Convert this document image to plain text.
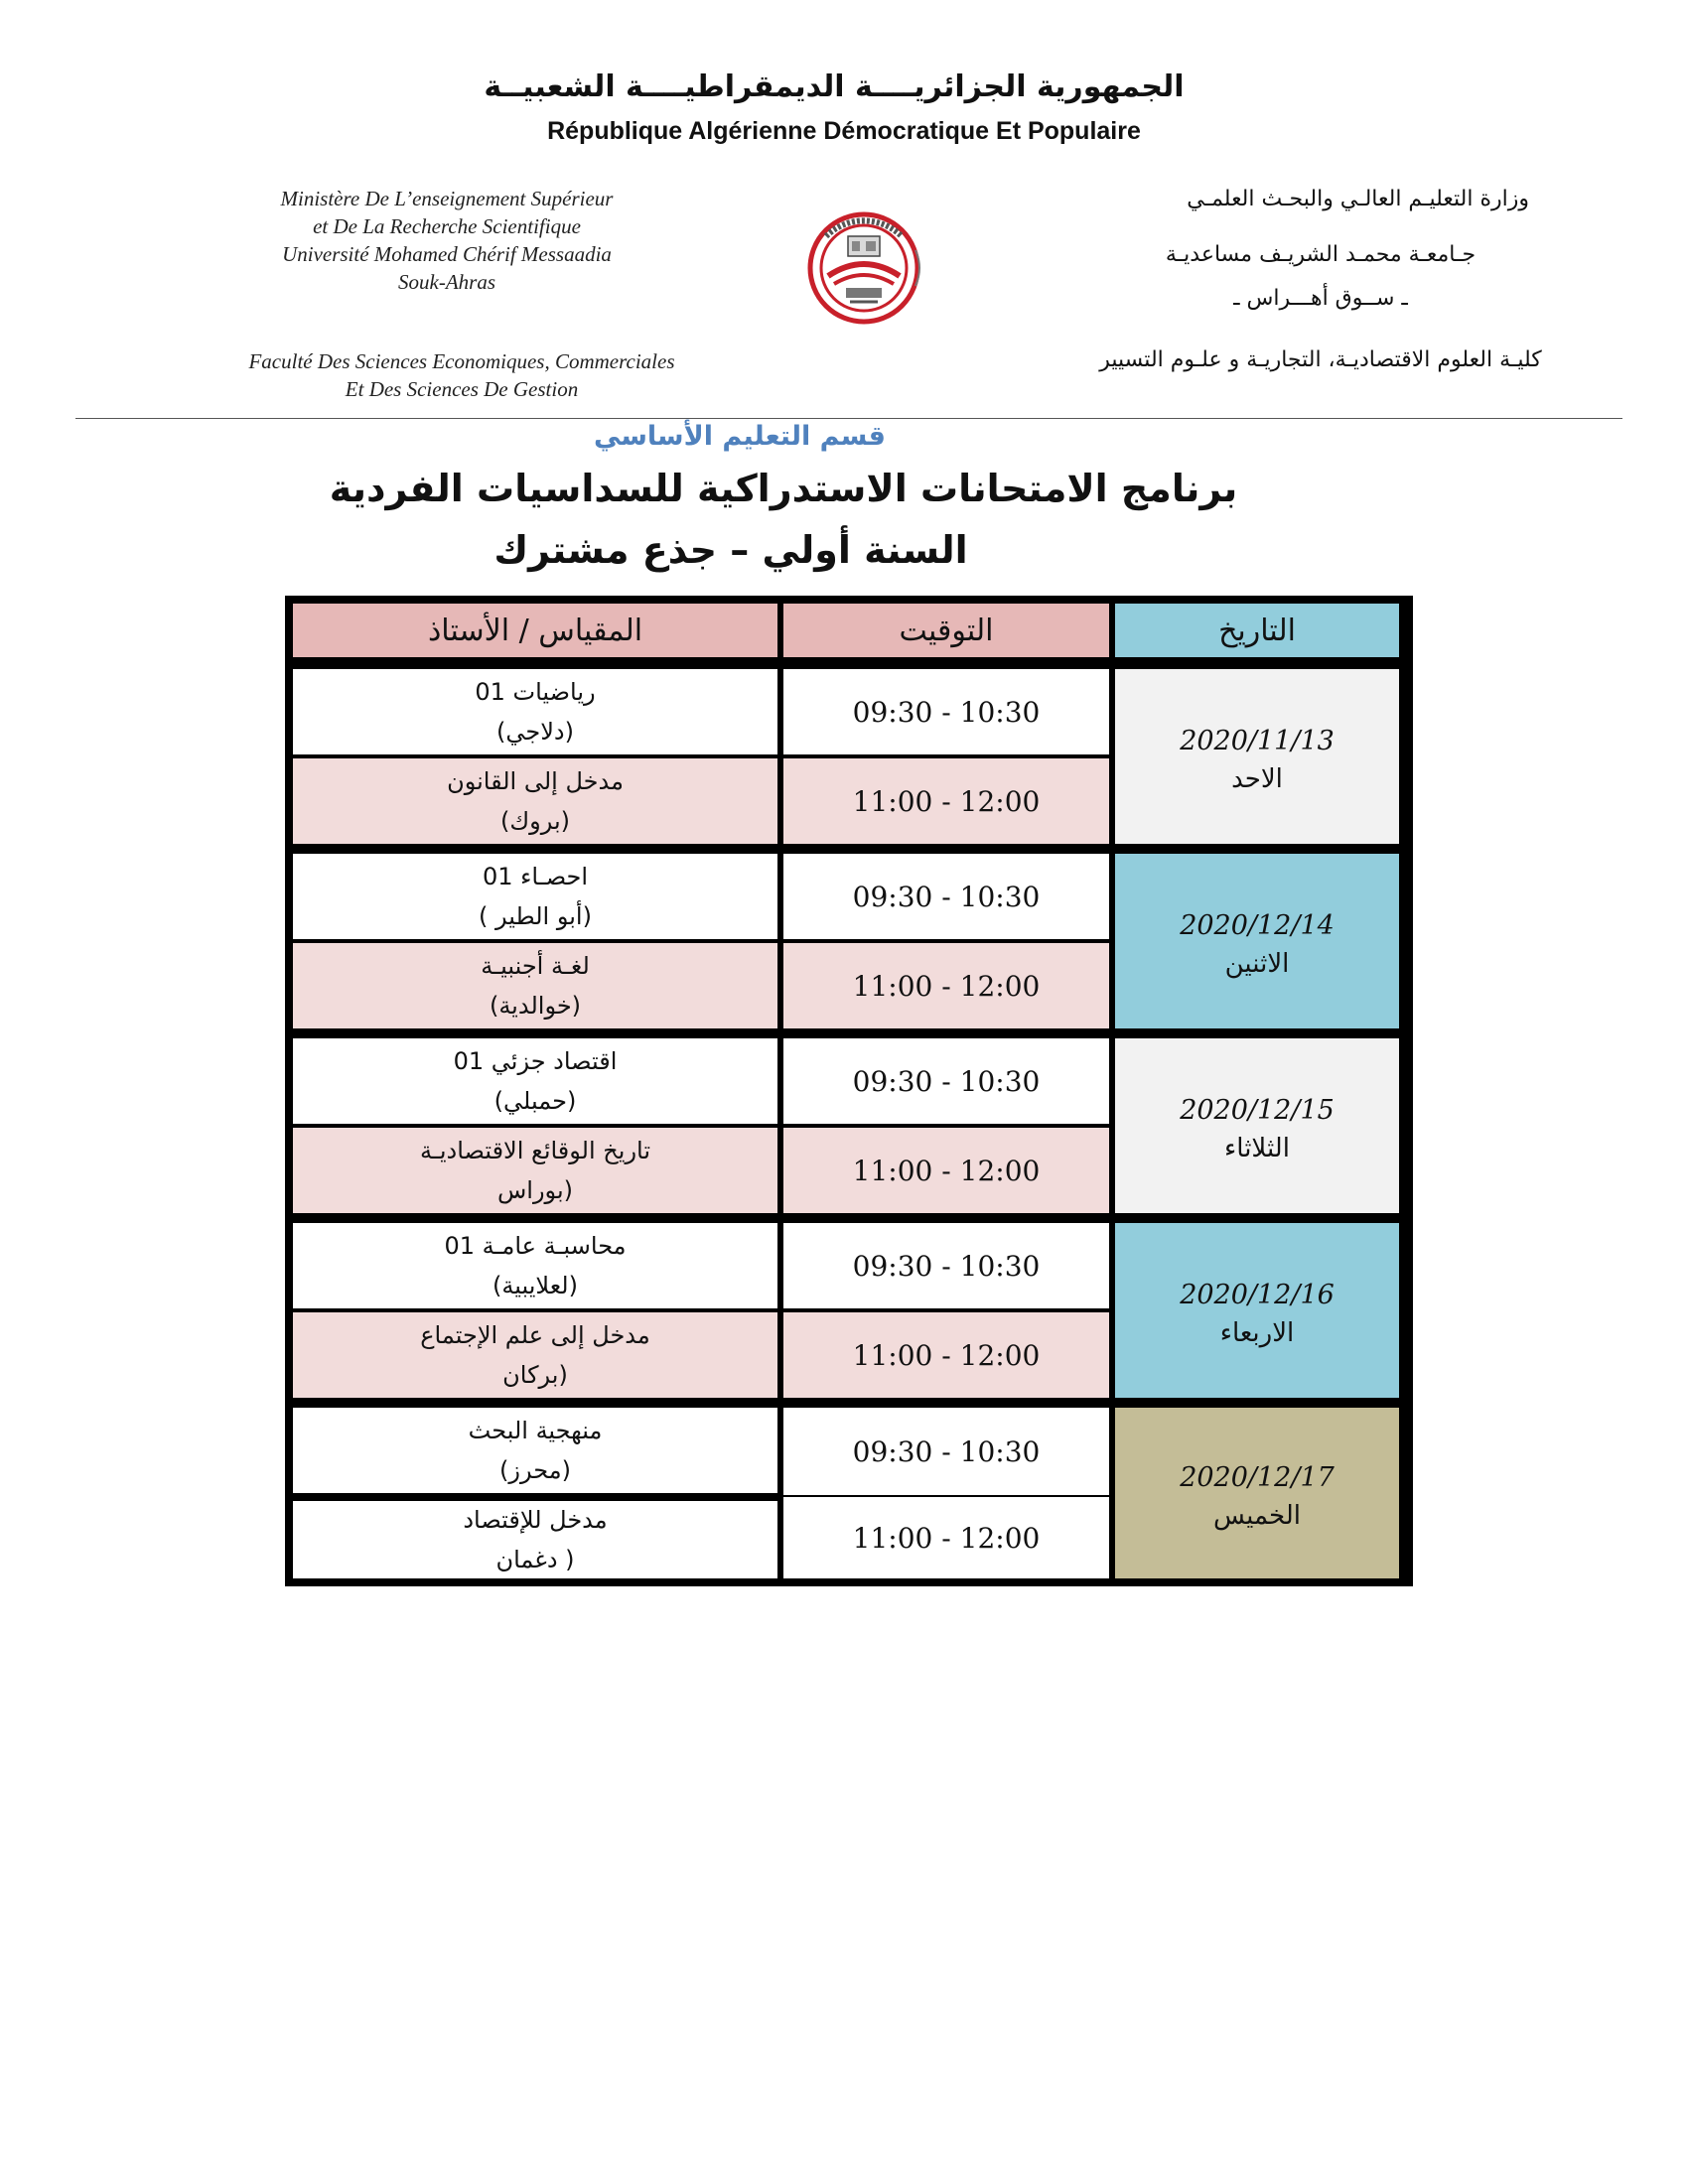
الجمهورية الجزائريــــة الديمقراطيــــة الشعبيــة
République Algérienne Démocratique Et Populaire
Ministère De L’enseignement Supérieur
et De La Recherche Scientifique
Université Mohamed Chérif Messaadia
Souk-Ahras
Faculté Des Sciences Economiques, Commerciales
Et Des Sciences De Gestion
وزارة التعليـم العالـي والبحـث العلمـي
جـامعـة محمـد الشريـف مساعديـة
ـ ســوق أهـــراس ـ
كليـة العلوم الاقتصاديـة، التجاريـة و علـوم التسيير
قسم التعليم الأساسي
برنامج الامتحانات الاستدراكية للسداسيات الفردية
السنة أولي – جذع مشترك
المقياس / الأستاذ	التوقيت	التاريخ
رياضيات 01
(دلاجي)
09:30 - 10:30
مدخل إلى القانون
(بروك)
11:00 - 12:00
2020/11/13
الاحد
احصـاء 01
( أبو الطير)
09:30 - 10:30
لغـة أجنبيـة
(خوالدية)
11:00 - 12:00
2020/12/14
الاثنين
اقتصاد جزئي 01
(حمبلي)
09:30 - 10:30
تاريخ الوقائع الاقتصاديـة
بوراس)
11:00 - 12:00
2020/12/15
الثلاثاء
محاسبـة عامـة 01
(لعلايبية)
09:30 - 10:30
مدخل إلى علم الإجتماع
بركان)
11:00 - 12:00
2020/12/16
الاربعاء
منهجية البحث
(محرز)
09:30 - 10:30
مدخل للإقتصاد
دغمان )
11:00 - 12:00
2020/12/17
الخميس
